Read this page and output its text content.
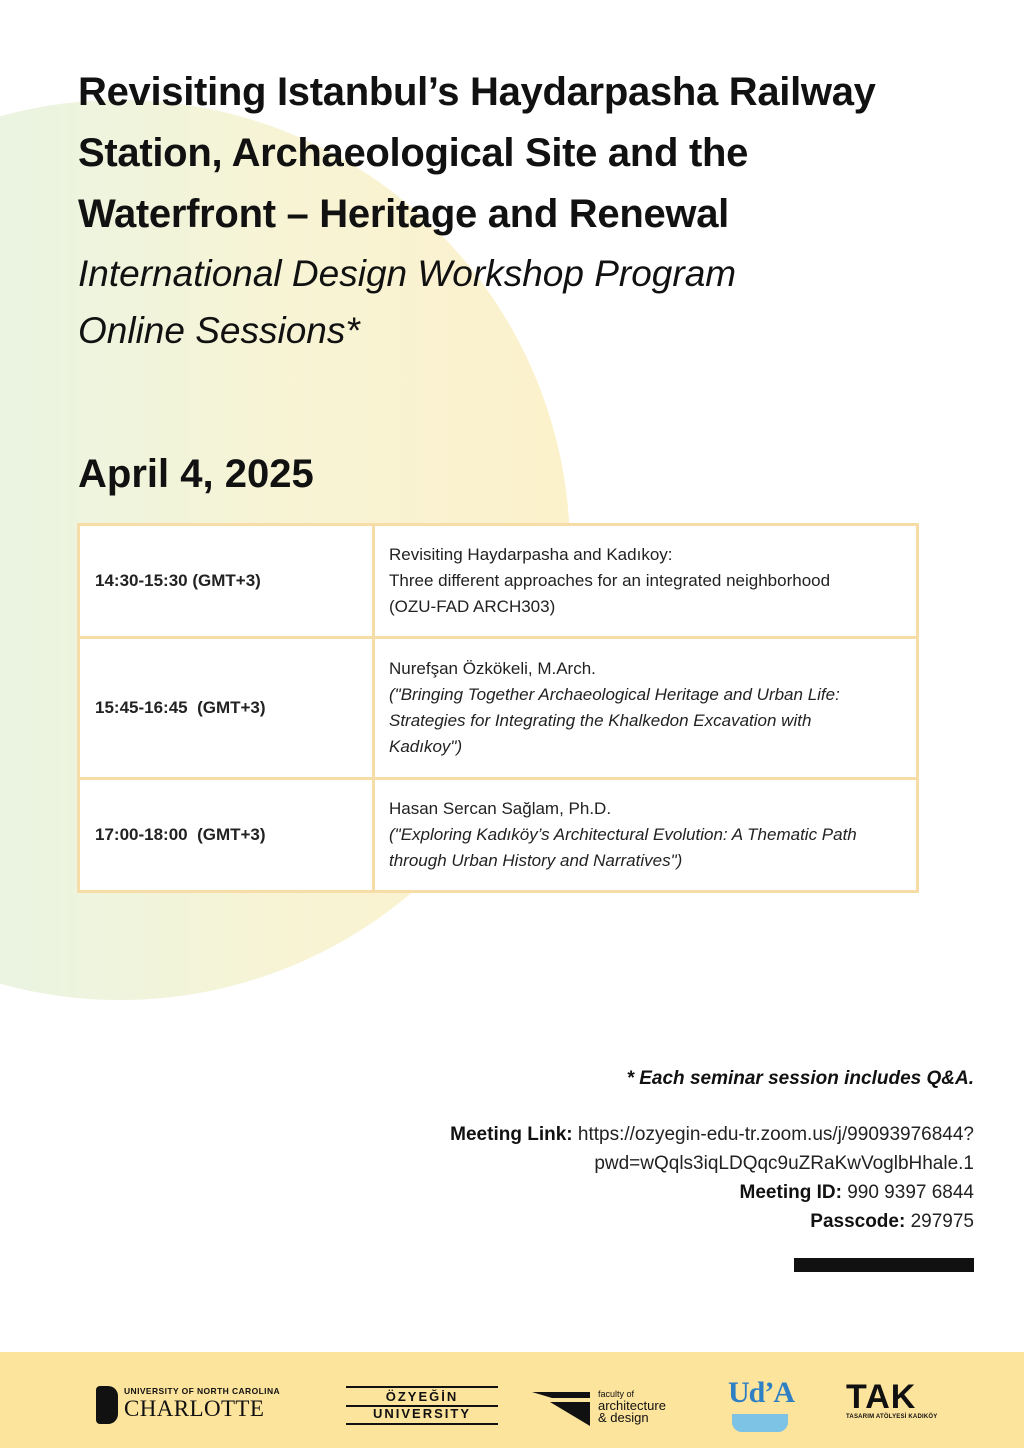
Revisiting Istanbul’s Haydarpasha Railway

Station, Archaeological Site and the

Waterfront – Heritage and Renewal

International Design Workshop Program

Online Sessions*

April 4, 2025

14:30-15:30 (GMT+3)	Revisiting Haydarpasha and Kadıkoy:
Three different approaches for an integrated neighborhood
(OZU-FAD ARCH303)

15:45-16:45  (GMT+3)	Nurefşan Özkökeli, M.Arch.
("Bringing Together Archaeological Heritage and Urban Life:
Strategies for Integrating the Khalkedon Excavation with
Kadıkoy")

17:00-18:00  (GMT+3)	Hasan Sercan Sağlam, Ph.D.
("Exploring Kadıköy’s Architectural Evolution: A Thematic Path
through Urban History and Narratives")
* Each seminar session includes Q&A.
Meeting Link: https://ozyegin-edu-tr.zoom.us/j/99093976844?
pwd=wQqls3iqLDQqc9uZRaKwVoglbHhale.1
Meeting ID: 990 9397 6844
Passcode: 297975
UNIVERSITY OF NORTH CAROLINA
CHARLOTTE	ÖZYEĞİN
UNIVERSITY
faculty of
architecture
& design
Ud’A TAK
TASARIM ATÖLYESİ KADIKÖY
